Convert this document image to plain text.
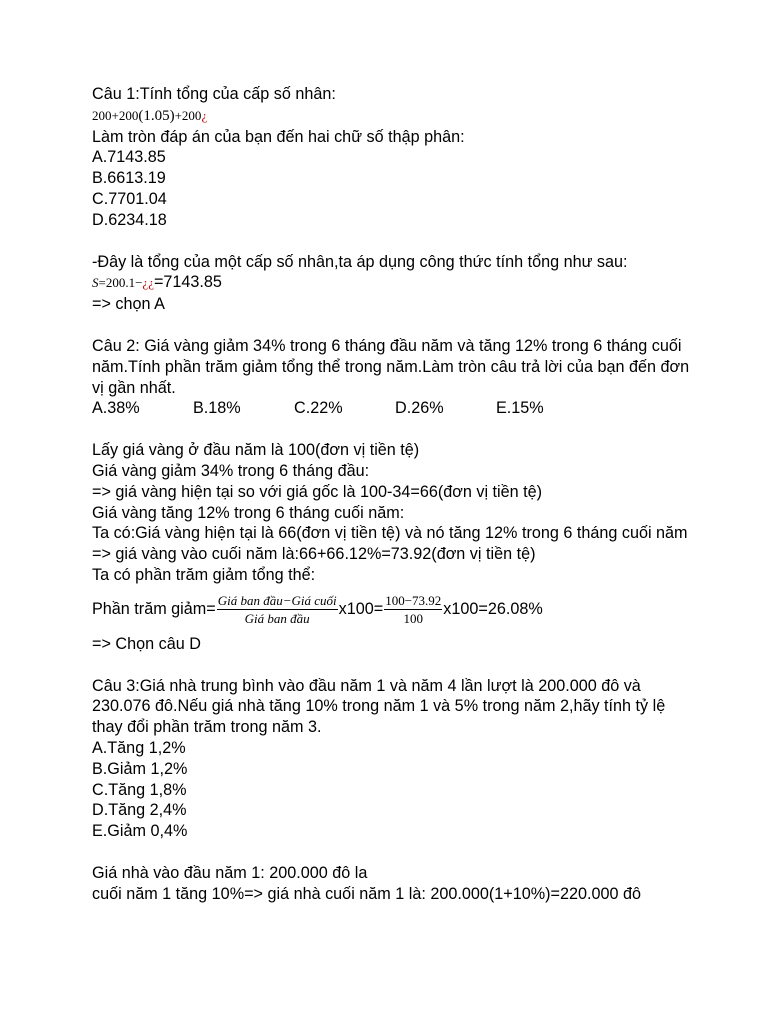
Câu 1:Tính tổng của cấp số nhân:
200+200(1.05)+200¿
Làm tròn đáp án của bạn đến hai chữ số thập phân:
A.7143.85
B.6613.19
C.7701.04
D.6234.18
-Đây là tổng của một cấp số nhân,ta áp dụng công thức tính tổng như sau:
S=200.1−¿¿=7143.85
=> chọn A
Câu 2: Giá vàng giảm 34% trong 6 tháng đầu năm và tăng 12% trong 6 tháng cuối năm.Tính phần trăm giảm tổng thể trong năm.Làm tròn câu trả lời của bạn đến đơn vị gần nhất.
A.38%	B.18%	C.22%	D.26%	E.15%
Lấy giá vàng ở đầu năm là 100(đơn vị tiền tệ)
Giá vàng giảm 34% trong 6 tháng đầu:
=> giá vàng hiện tại so với giá gốc là 100-34=66(đơn vị tiền tệ)
Giá vàng tăng 12% trong 6 tháng cuối năm:
Ta có:Giá vàng hiện tại là 66(đơn vị tiền tệ) và nó tăng 12% trong 6 tháng cuối năm
=> giá vàng vào cuối năm là:66+66.12%=73.92(đơn vị tiền tệ)
Ta có phần trăm giảm tổng thể:
Phần trăm giảm= $\frac{\text{Giá ban đầu−Giá cuối}}{\text{Giá ban đầu}} x100= \frac{100-73.92}{100} x100=26.08\%$
=> Chọn câu D
Câu 3:Giá nhà trung bình vào đầu năm 1 và năm 4 lần lượt là 200.000 đô và 230.076 đô.Nếu giá nhà tăng 10% trong năm 1 và 5% trong năm 2,hãy tính tỷ lệ thay đổi phần trăm trong năm 3.
A.Tăng 1,2%
B.Giảm 1,2%
C.Tăng 1,8%
D.Tăng 2,4%
E.Giảm 0,4%
Giá nhà vào đầu năm 1: 200.000 đô la
cuối năm 1 tăng 10%=> giá nhà cuối năm 1 là: 200.000(1+10%)=220.000 đô
